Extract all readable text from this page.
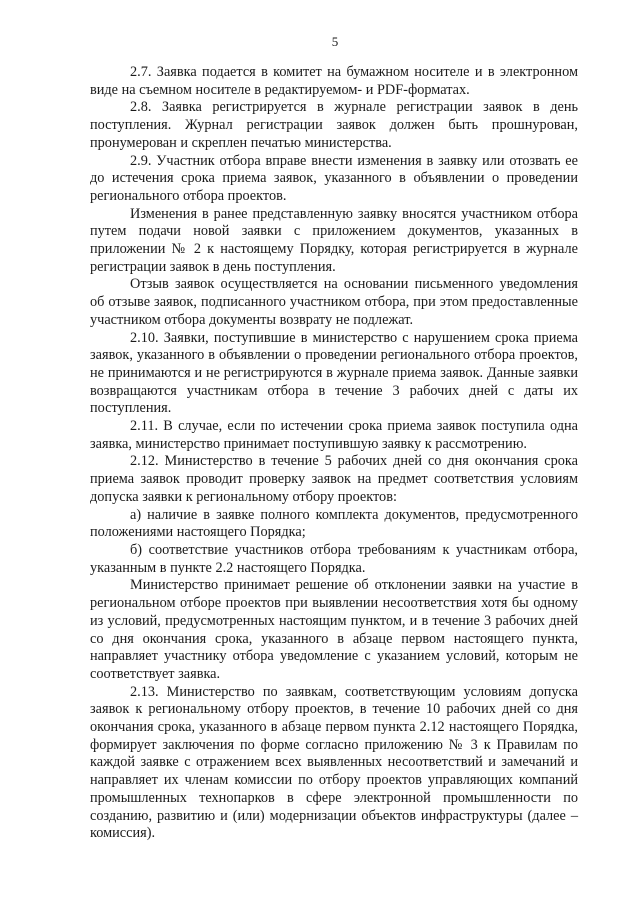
5

2.7. Заявка подается в комитет на бумажном носителе и в электронном виде на съемном носителе в редактируемом- и PDF-форматах.

2.8. Заявка регистрируется в журнале регистрации заявок в день поступления. Журнал регистрации заявок должен быть прошнурован, пронумерован и скреплен печатью министерства.

2.9. Участник отбора вправе внести изменения в заявку или отозвать ее до истечения срока приема заявок, указанного в объявлении о проведении регионального отбора проектов.

Изменения в ранее представленную заявку вносятся участником отбора путем подачи новой заявки с приложением документов, указанных в приложении № 2 к настоящему Порядку, которая регистрируется в журнале регистрации заявок в день поступления.

Отзыв заявок осуществляется на основании письменного уведомления об отзыве заявок, подписанного участником отбора, при этом предоставленные участником отбора документы возврату не подлежат.

2.10. Заявки, поступившие в министерство с нарушением срока приема заявок, указанного в объявлении о проведении регионального отбора проектов, не принимаются и не регистрируются в журнале приема заявок. Данные заявки возвращаются участникам отбора в течение 3 рабочих дней с даты их поступления.

2.11. В случае, если по истечении срока приема заявок поступила одна заявка, министерство принимает поступившую заявку к рассмотрению.

2.12. Министерство в течение 5 рабочих дней со дня окончания срока приема заявок проводит проверку заявок на предмет соответствия условиям допуска заявки к региональному отбору проектов:

а) наличие в заявке полного комплекта документов, предусмотренного положениями настоящего Порядка;

б) соответствие участников отбора требованиям к участникам отбора, указанным в пункте 2.2 настоящего Порядка.

Министерство принимает решение об отклонении заявки на участие в региональном отборе проектов при выявлении несоответствия хотя бы одному из условий, предусмотренных настоящим пунктом, и в течение 3 рабочих дней со дня окончания срока, указанного в абзаце первом настоящего пункта, направляет участнику отбора уведомление с указанием условий, которым не соответствует заявка.

2.13. Министерство по заявкам, соответствующим условиям допуска заявок к региональному отбору проектов, в течение 10 рабочих дней со дня окончания срока, указанного в абзаце первом пункта 2.12 настоящего Порядка, формирует заключения по форме согласно приложению № 3 к Правилам по каждой заявке с отражением всех выявленных несоответствий и замечаний и направляет их членам комиссии по отбору проектов управляющих компаний промышленных технопарков в сфере электронной промышленности по созданию, развитию и (или) модернизации объектов инфраструктуры (далее – комиссия).
